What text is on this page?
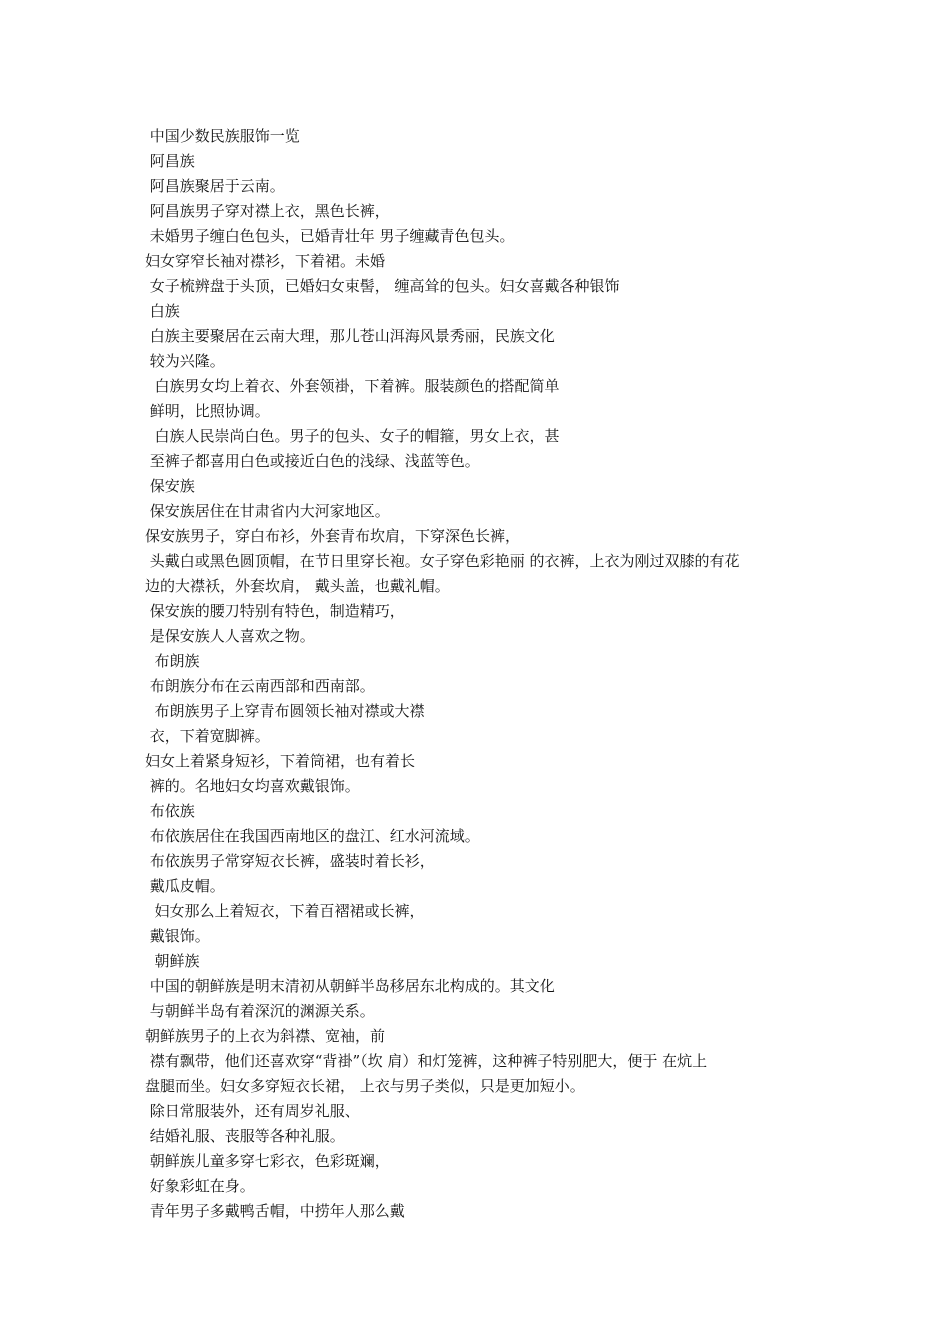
中国少数民族服饰一览
阿昌族
阿昌族聚居于云南。
阿昌族男子穿对襟上衣，黑色长裤，
未婚男子缠白色包头，已婚青壮年 男子缠藏青色包头。
妇女穿窄长袖对襟衫，下着裙。未婚
女子梳辨盘于头顶，已婚妇女束髻， 缠高耸的包头。妇女喜戴各种银饰
白族
白族主要聚居在云南大理，那儿苍山洱海风景秀丽，民族文化
较为兴隆。
白族男女均上着衣、外套领褂，下着裤。服装颜色的搭配简单
鲜明，比照协调。
白族人民崇尚白色。男子的包头、女子的帽箍，男女上衣，甚
至裤子都喜用白色或接近白色的浅绿、浅蓝等色。
保安族
保安族居住在甘肃省内大河家地区。
保安族男子，穿白布衫，外套青布坎肩，下穿深色长裤，
头戴白或黑色圆顶帽，在节日里穿长袍。女子穿色彩艳丽 的衣裤，上衣为刚过双膝的有花
边的大襟袄，外套坎肩， 戴头盖，也戴礼帽。
保安族的腰刀特别有特色，制造精巧，
是保安族人人喜欢之物。
布朗族
布朗族分布在云南西部和西南部。
布朗族男子上穿青布圆领长袖对襟或大襟
衣，下着宽脚裤。
妇女上着紧身短衫，下着筒裙，也有着长
裤的。名地妇女均喜欢戴银饰。
布依族
布依族居住在我国西南地区的盘江、红水河流域。
布依族男子常穿短衣长裤，盛装时着长衫，
戴瓜皮帽。
妇女那么上着短衣，下着百褶裙或长裤，
戴银饰。
朝鲜族
中国的朝鲜族是明末清初从朝鲜半岛移居东北构成的。其文化
与朝鲜半岛有着深沉的渊源关系。
朝鲜族男子的上衣为斜襟、宽袖，前
襟有飘带，他们还喜欢穿“背褂”（坎 肩）和灯笼裤，这种裤子特别肥大，便于 在炕上
盘腿而坐。妇女多穿短衣长裙， 上衣与男子类似，只是更加短小。
除日常服装外，还有周岁礼服、
结婚礼服、丧服等各种礼服。
朝鲜族儿童多穿七彩衣，色彩斑斓，
好象彩虹在身。
青年男子多戴鸭舌帽，中捞年人那么戴
